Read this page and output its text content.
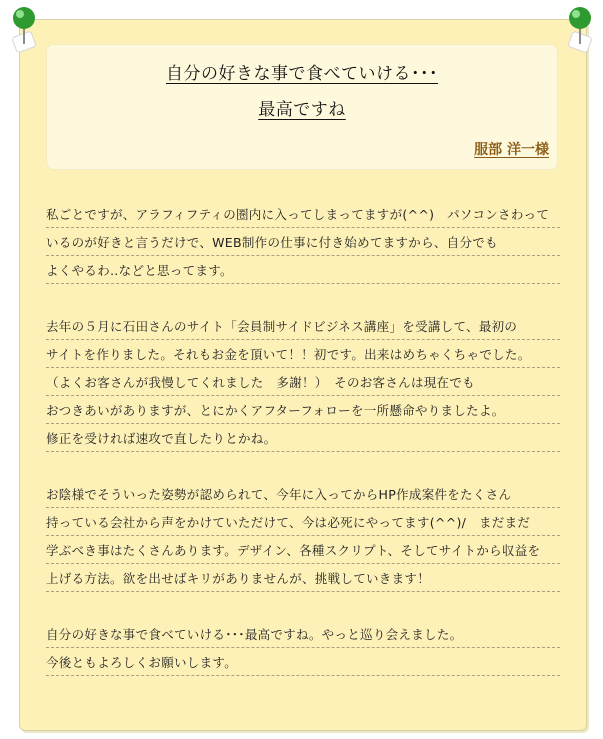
自分の好きな事で食べていける･･･
最高ですね
服部 洋一様
私ごとですが、アラフィフティの圏内に入ってしまってますが(^^)　パソコンさわって
いるのが好きと言うだけで、WEB制作の仕事に付き始めてますから、自分でも
よくやるわ‥などと思ってます。
去年の５月に石田さんのサイト「会員制サイドビジネス講座」を受講して、最初の
サイトを作りました。それもお金を頂いて！！初です。出来はめちゃくちゃでした。
（よくお客さんが我慢してくれました　多謝！）　そのお客さんは現在でも
おつきあいがありますが、とにかくアフターフォローを一所懸命やりましたよ。
修正を受ければ速攻で直したりとかね。
お陰様でそういった姿勢が認められて、今年に入ってからHP作成案件をたくさん
持っている会社から声をかけていただけて、今は必死にやってます(^^)/　まだまだ
学ぶべき事はたくさんあります。デザイン、各種スクリプト、そしてサイトから収益を
上げる方法。欲を出せばキリがありませんが、挑戦していきます！
自分の好きな事で食べていける･･･最高ですね。やっと巡り会えました。
今後ともよろしくお願いします。
